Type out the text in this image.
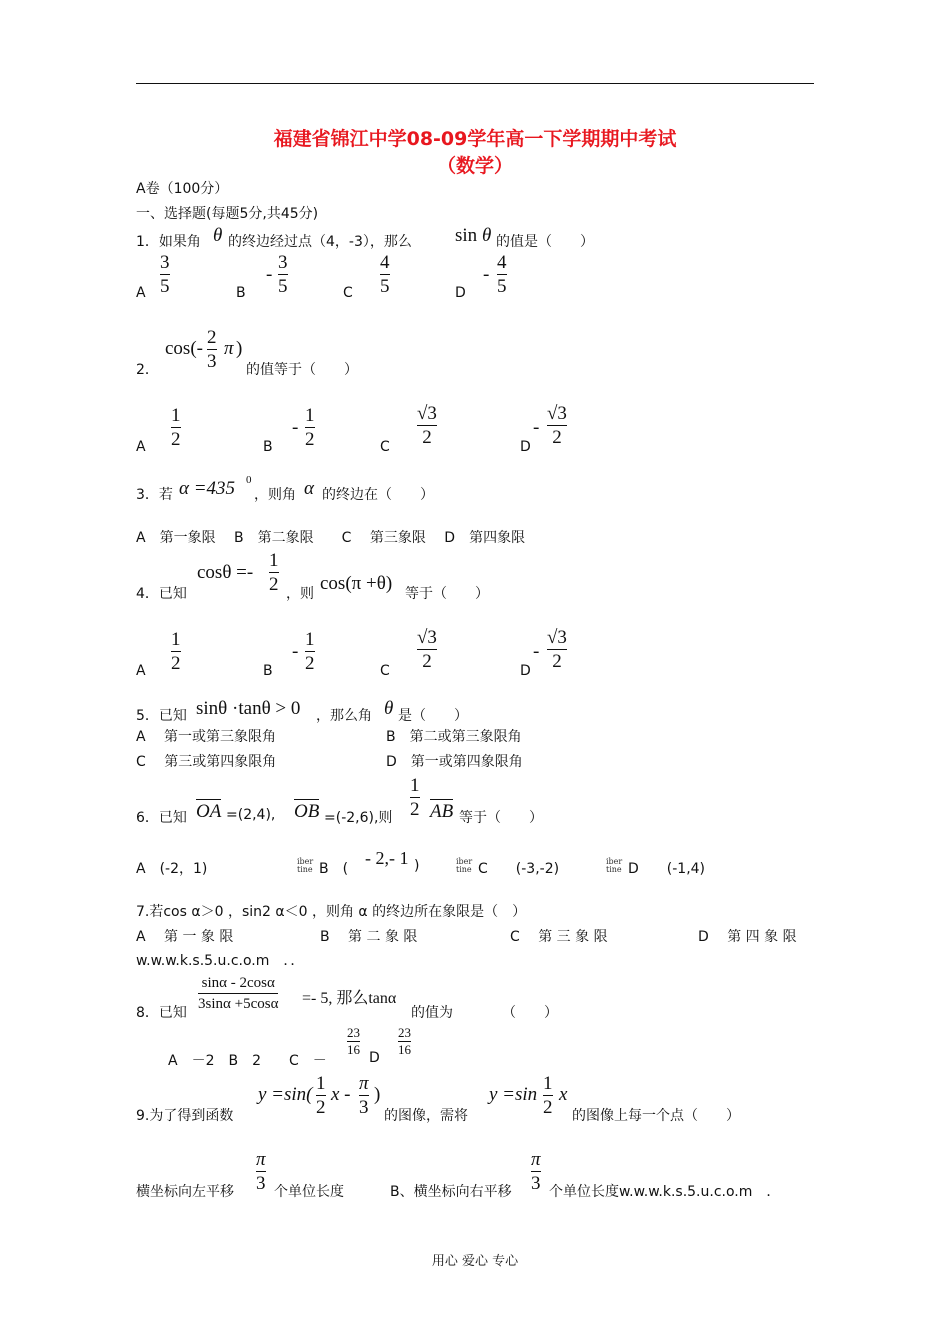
福建省锦江中学08-09学年高一下学期期中考试
（数学）
A卷（100分）
一、选择题(每题5分,共45分)
1．如果角 θ 的终边经过点（4，-3），那么 sin θ 的值是（　　）
A
3
5	B
-
3
5	C
4
5	D
-
4
5
2．
cos(-
2
3
π )
的值等于（　　）
A
1
2	B
-
1
2	C
√3
2	D
-
√3
2
3．若 α =435 0
，则角 α 的终边在（　　）
A　第一象限　 B　第二象限　　C　 第三象限　 D　第四象限
4．已知
cosθ =-
1
2 ，则 cos(π +θ) 等于（　　）
A
1
2	B
-
1
2	C
√3
2	D
-
√3
2
5．已知 sinθ ·tanθ > 0 ，那么角 θ 是（　　）
A　 第一或第三象限角	B　第二或第三象限角
C　 第三或第四象限角	D　第一或第四象限角
6．已知 OA =(2,4), OB =(-2,6),则
1
2 AB 等于（　　）
A　(-2，1)	iber
tine B　(
- 2,- 1 )	iber
tine C　　(-3,-2)	iber
tine D　　(-1,4)
7.若cos α＞0 ，sin2 α＜0 ，则角 α 的终边所在象限是（　）
A　 第 一 象 限	B　 第 二 象 限	C　 第 三 象 限	D　 第 四 象 限
w.w.w.k.s.5.u.c.o.m　．．
8．已知
sinα - 2cosα
3sinα +5cosα =- 5, 那么tanα
的值为　　　　（　　）
A　－2　B　2　　C　－
23
16
D
23
16
9.为了得到函数
y =sin(
1
2
x -
π
3
)
的图像，需将
y =sin
1
2
x
的图像上每一个点（　　）
横坐标向左平移
π
3 个单位长度	B、横坐标向右平移
π
3 个单位长度w.w.w.k.s.5.u.c.o.m　．
用心 爱心 专心
